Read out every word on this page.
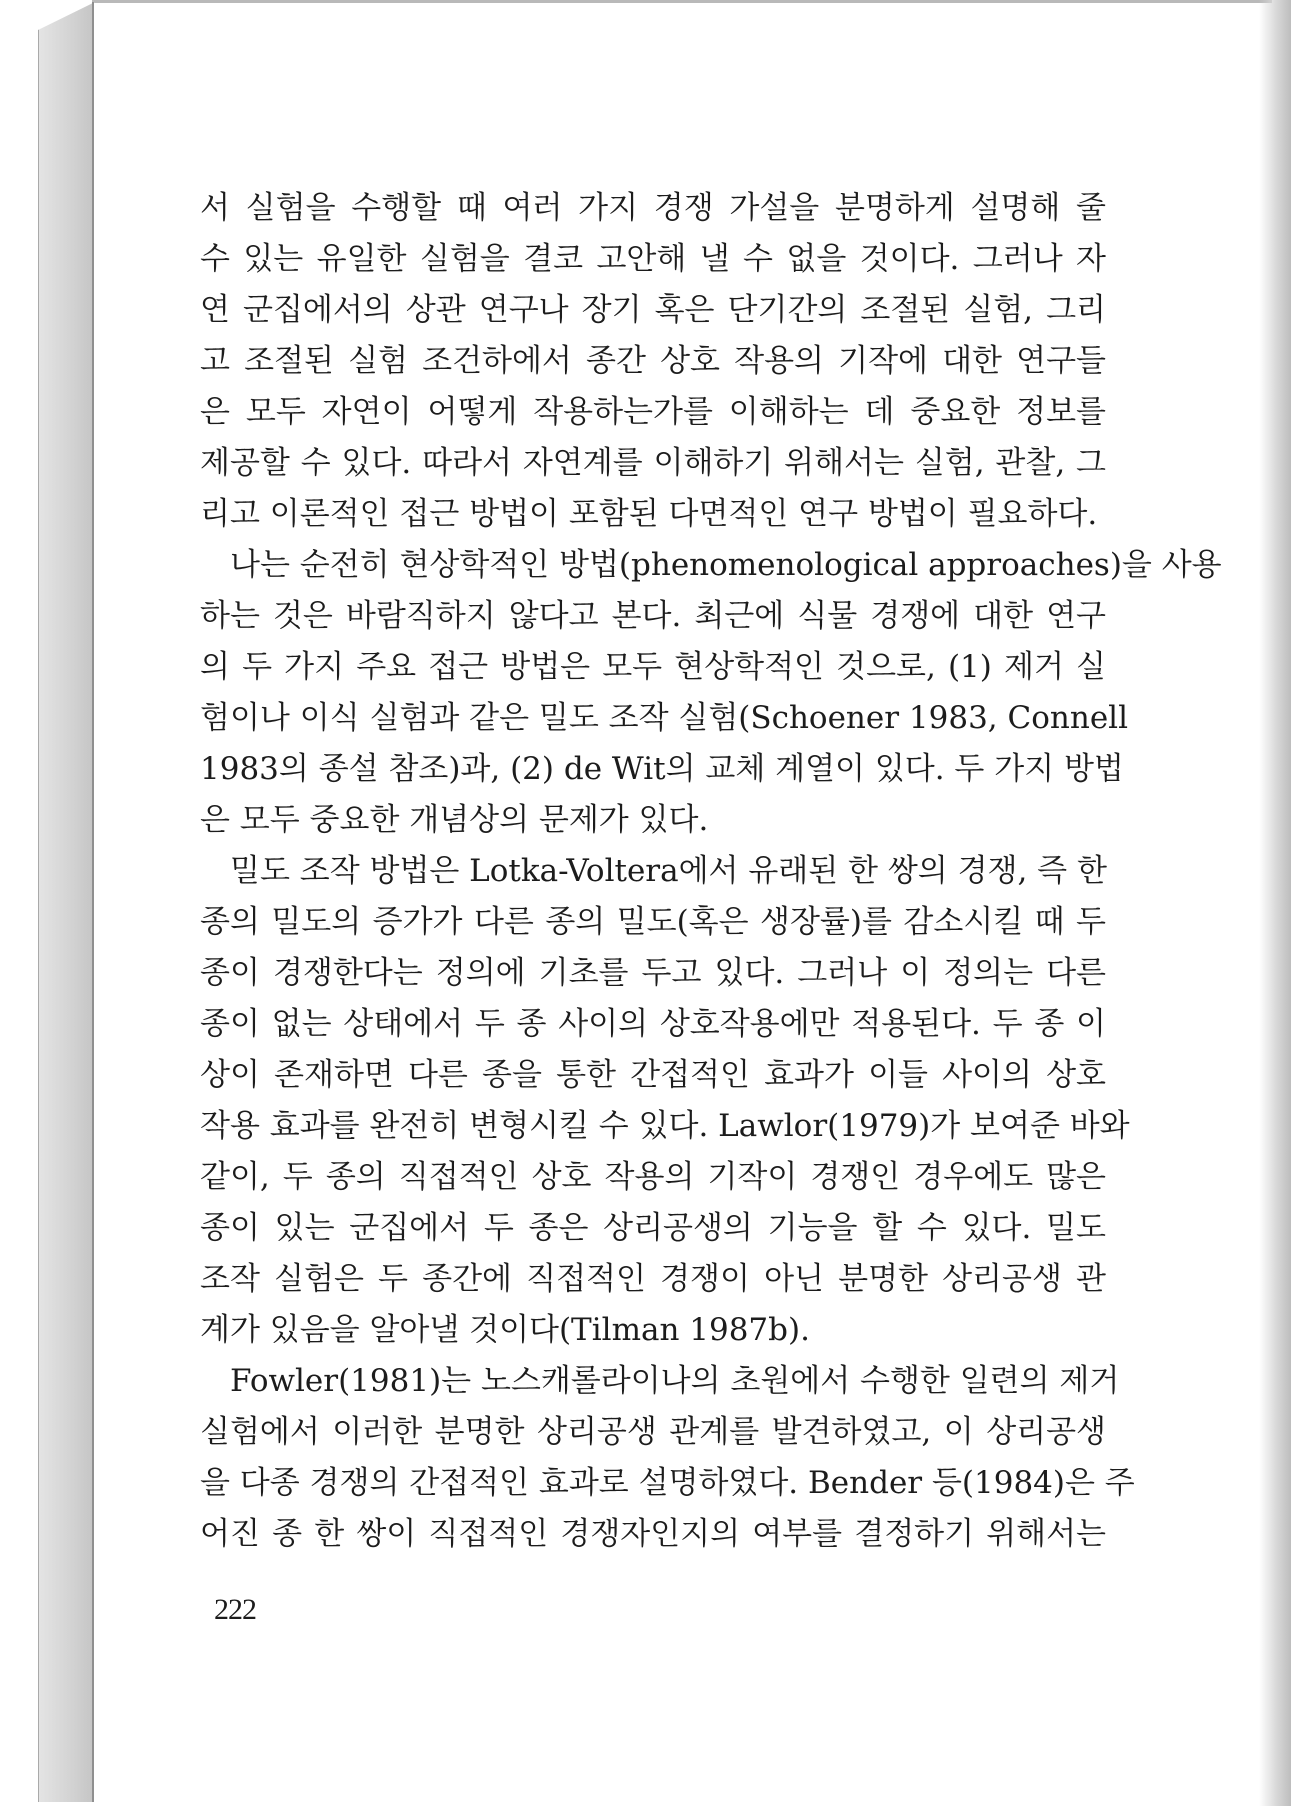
서 실험을 수행할 때 여러 가지 경쟁 가설을 분명하게 설명해 줄
수 있는 유일한 실험을 결코 고안해 낼 수 없을 것이다. 그러나 자
연 군집에서의 상관 연구나 장기 혹은 단기간의 조절된 실험, 그리
고 조절된 실험 조건하에서 종간 상호 작용의 기작에 대한 연구들
은 모두 자연이 어떻게 작용하는가를 이해하는 데 중요한 정보를
제공할 수 있다. 따라서 자연계를 이해하기 위해서는 실험, 관찰, 그
리고 이론적인 접근 방법이 포함된 다면적인 연구 방법이 필요하다.
나는 순전히 현상학적인 방법(phenomenological approaches)을 사용
하는 것은 바람직하지 않다고 본다. 최근에 식물 경쟁에 대한 연구
의 두 가지 주요 접근 방법은 모두 현상학적인 것으로, (1) 제거 실
험이나 이식 실험과 같은 밀도 조작 실험(Schoener 1983, Connell
1983의 종설 참조)과, (2) de Wit의 교체 계열이 있다. 두 가지 방법
은 모두 중요한 개념상의 문제가 있다.
밀도 조작 방법은 Lotka-Voltera에서 유래된 한 쌍의 경쟁, 즉 한
종의 밀도의 증가가 다른 종의 밀도(혹은 생장률)를 감소시킬 때 두
종이 경쟁한다는 정의에 기초를 두고 있다. 그러나 이 정의는 다른
종이 없는 상태에서 두 종 사이의 상호작용에만 적용된다. 두 종 이
상이 존재하면 다른 종을 통한 간접적인 효과가 이들 사이의 상호
작용 효과를 완전히 변형시킬 수 있다. Lawlor(1979)가 보여준 바와
같이, 두 종의 직접적인 상호 작용의 기작이 경쟁인 경우에도 많은
종이 있는 군집에서 두 종은 상리공생의 기능을 할 수 있다. 밀도
조작 실험은 두 종간에 직접적인 경쟁이 아닌 분명한 상리공생 관
계가 있음을 알아낼 것이다(Tilman 1987b).
Fowler(1981)는 노스캐롤라이나의 초원에서 수행한 일련의 제거
실험에서 이러한 분명한 상리공생 관계를 발견하였고, 이 상리공생
을 다종 경쟁의 간접적인 효과로 설명하였다. Bender 등(1984)은 주
어진 종 한 쌍이 직접적인 경쟁자인지의 여부를 결정하기 위해서는
222
